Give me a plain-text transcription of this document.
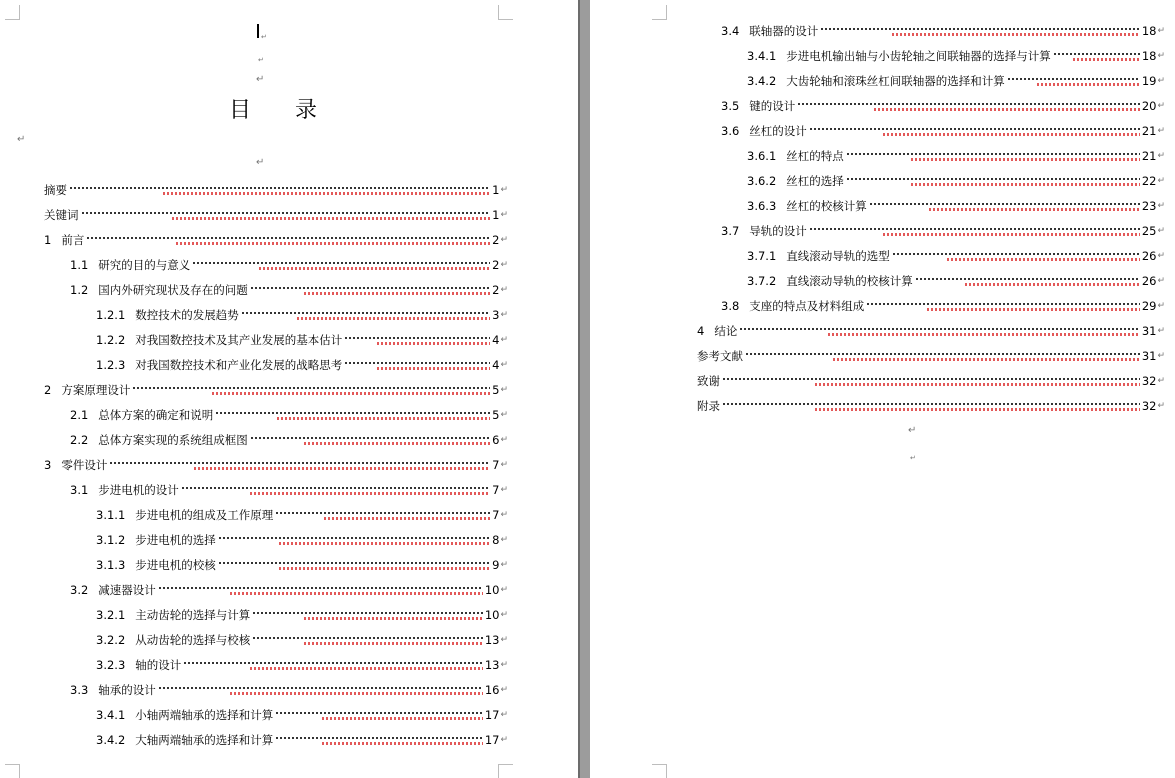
↵
↵
↵
目录
↵
↵
摘要	1 ↵
关键词	1 ↵
1 前言	2 ↵
1.1 研究的目的与意义	2 ↵
1.2 国内外研究现状及存在的问题	2 ↵
1.2.1 数控技术的发展趋势	3 ↵
1.2.2 对我国数控技术及其产业发展的基本估计	4 ↵
1.2.3 对我国数控技术和产业化发展的战略思考	4 ↵
2 方案原理设计	5 ↵
2.1 总体方案的确定和说明	5 ↵
2.2 总体方案实现的系统组成框图	6 ↵
3 零件设计	7 ↵
3.1 步进电机的设计	7 ↵
3.1.1 步进电机的组成及工作原理	7 ↵
3.1.2 步进电机的选择	8 ↵
3.1.3 步进电机的校核	9 ↵
3.2 减速器设计	10 ↵
3.2.1 主动齿轮的选择与计算	10 ↵
3.2.2 从动齿轮的选择与校核	13 ↵
3.2.3 轴的设计	13 ↵
3.3 轴承的设计	16 ↵
3.4.1 小轴两端轴承的选择和计算	17 ↵
3.4.2 大轴两端轴承的选择和计算	17 ↵
3.4 联轴器的设计	18 ↵
3.4.1 步进电机输出轴与小齿轮轴之间联轴器的选择与计算	18 ↵
3.4.2 大齿轮轴和滚珠丝杠间联轴器的选择和计算	19 ↵
3.5 键的设计	20 ↵
3.6 丝杠的设计	21 ↵
3.6.1 丝杠的特点	21 ↵
3.6.2 丝杠的选择	22 ↵
3.6.3 丝杠的校核计算	23 ↵
3.7 导轨的设计	25 ↵
3.7.1 直线滚动导轨的选型	26 ↵
3.7.2 直线滚动导轨的校核计算	26 ↵
3.8 支座的特点及材料组成	29 ↵
4 结论	31 ↵
参考文献	31 ↵
致谢	32 ↵
附录	32 ↵
↵
↵
